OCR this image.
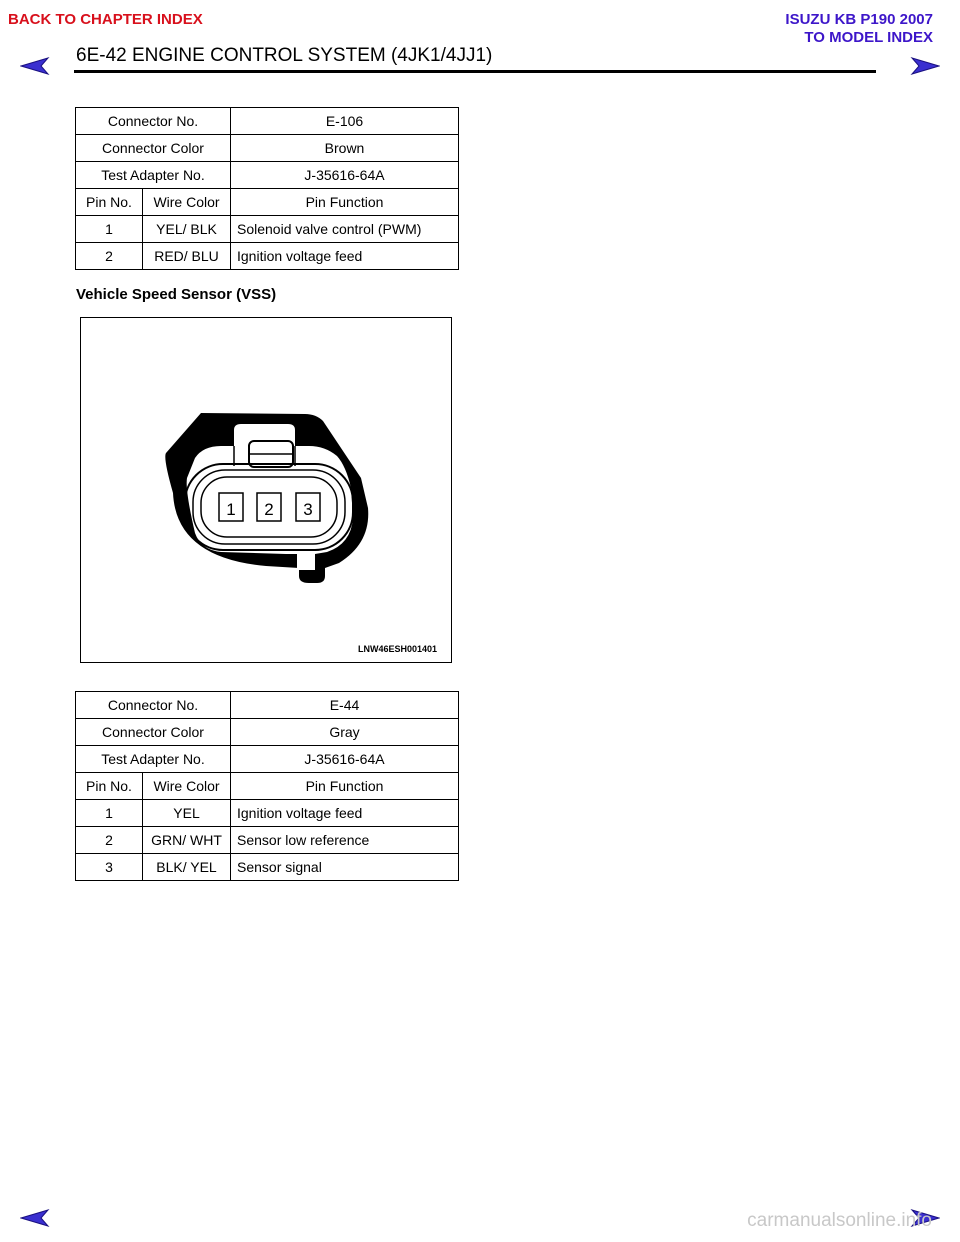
BACK TO CHAPTER INDEX	ISUZU KB P190 2007
TO MODEL INDEX
6E-42 ENGINE CONTROL SYSTEM (4JK1/4JJ1)
Connector No.		E-106
Connector Color		Brown
Test Adapter No.		J-35616-64A
Pin No.	Wire Color	Pin Function
1	YEL/ BLK	Solenoid valve control (PWM)
2	RED/ BLU	Ignition voltage feed
Vehicle Speed Sensor (VSS)
1 2 3
LNW46ESH001401
Connector No.		E-44
Connector Color		Gray
Test Adapter No.		J-35616-64A
Pin No.	Wire Color	Pin Function
1	YEL	Ignition voltage feed
2	GRN/ WHT	Sensor low reference
3	BLK/ YEL	Sensor signal
carmanualsonline.info
